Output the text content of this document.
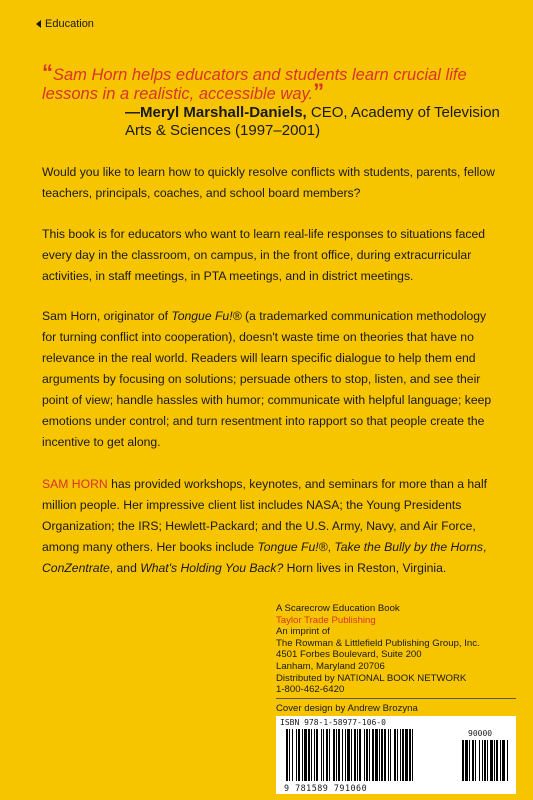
Education
“Sam Horn helps educators and students learn crucial life lessons in a realistic, accessible way.”
—Meryl Marshall-Daniels, CEO, Academy of Television Arts & Sciences (1997–2001)

Would you like to learn how to quickly resolve conflicts with students, parents, fellow teachers, principals, coaches, and school board members?

This book is for educators who want to learn real-life responses to situations faced every day in the classroom, on campus, in the front office, during extracurricular activities, in staff meetings, in PTA meetings, and in district meetings.

Sam Horn, originator of Tongue Fu!® (a trademarked communication methodology for turning conflict into cooperation), doesn't waste time on theories that have no relevance in the real world. Readers will learn specific dialogue to help them end arguments by focusing on solutions; persuade others to stop, listen, and see their point of view; handle hassles with humor; communicate with helpful language; keep emotions under control; and turn resentment into rapport so that people create the incentive to get along.

SAM HORN has provided workshops, keynotes, and seminars for more than a half million people. Her impressive client list includes NASA; the Young Presidents Organization; the IRS; Hewlett-Packard; and the U.S. Army, Navy, and Air Force, among many others. Her books include Tongue Fu!®, Take the Bully by the Horns, ConZentrate, and What's Holding You Back? Horn lives in Reston, Virginia.

A Scarecrow Education Book
Taylor Trade Publishing
An imprint of
The Rowman & Littlefield Publishing Group, Inc.
4501 Forbes Boulevard, Suite 200
Lanham, Maryland 20706
Distributed by NATIONAL BOOK NETWORK
1-800-462-6420
Cover design by Andrew Brozyna
ISBN 978-1-58977-106-0
90000
9 781589 791060
